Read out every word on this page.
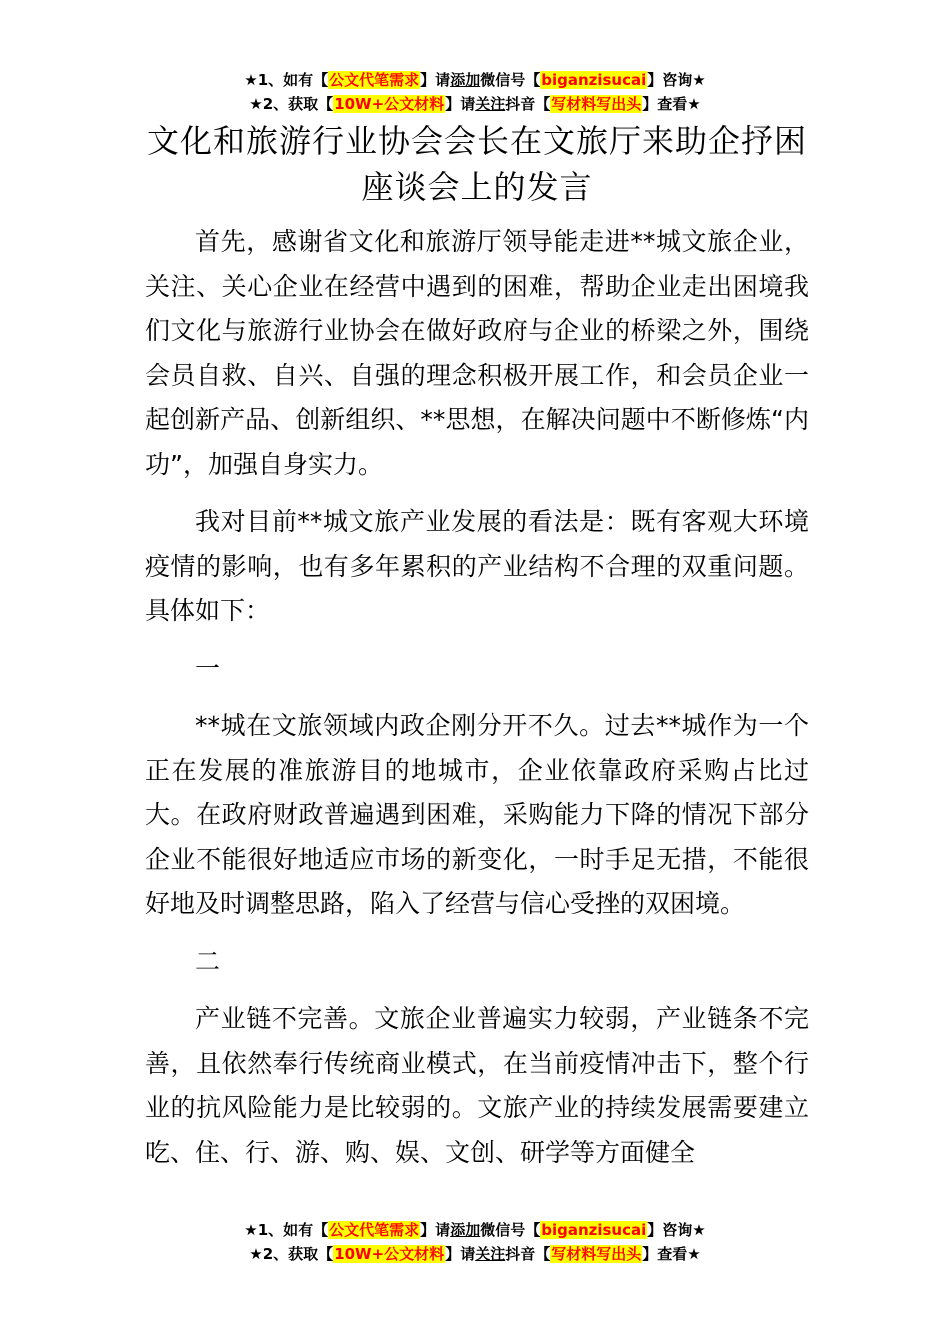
★1、如有【公文代笔需求】请添加微信号【biganzisucai】咨询★
★2、获取【10W+公文材料】请关注抖音【写材料写出头】查看★
文化和旅游行业协会会长在文旅厅来助企抒困座谈会上的发言

首先，感谢省文化和旅游厅领导能走进**城文旅企业，关注、关心企业在经营中遇到的困难，帮助企业走出困境我们文化与旅游行业协会在做好政府与企业的桥梁之外，围绕会员自救、自兴、自强的理念积极开展工作，和会员企业一起创新产品、创新组织、**思想，在解决问题中不断修炼“内功”，加强自身实力。

我对目前**城文旅产业发展的看法是：既有客观大环境疫情的影响，也有多年累积的产业结构不合理的双重问题。具体如下：

一

**城在文旅领域内政企刚分开不久。过去**城作为一个正在发展的准旅游目的地城市，企业依靠政府采购占比过大。在政府财政普遍遇到困难，采购能力下降的情况下部分企业不能很好地适应市场的新变化，一时手足无措，不能很好地及时调整思路，陷入了经营与信心受挫的双困境。

二

产业链不完善。文旅企业普遍实力较弱，产业链条不完善，且依然奉行传统商业模式，在当前疫情冲击下，整个行业的抗风险能力是比较弱的。文旅产业的持续发展需要建立吃、住、行、游、购、娱、文创、研学等方面健全

★1、如有【公文代笔需求】请添加微信号【biganzisucai】咨询★
★2、获取【10W+公文材料】请关注抖音【写材料写出头】查看★
